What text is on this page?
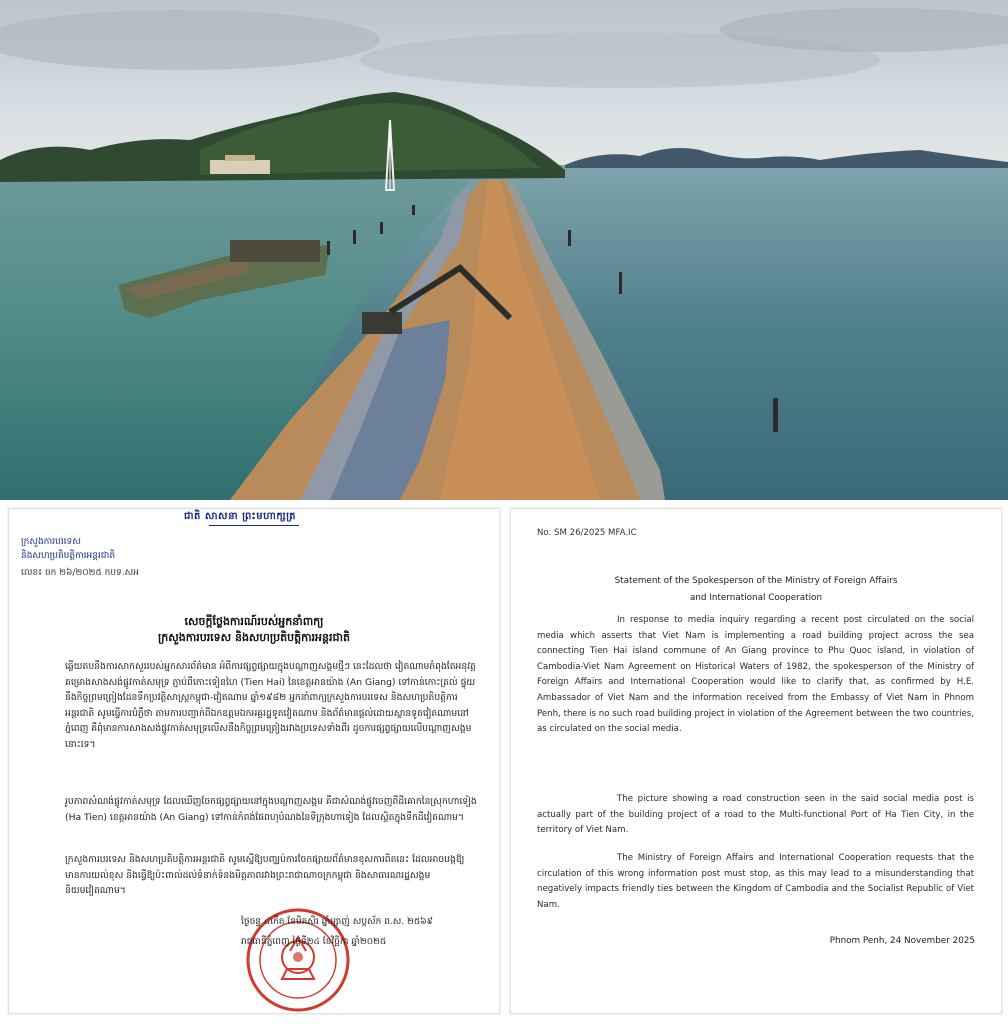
ជាតិ សាសនា ព្រះមហាក្សត្រ
ក្រសួងការបរទេស
និងសហប្រតិបត្តិការអន្តរជាតិ
លេខ៖ ចក ២៦/២០២៥ កបទ.សអ
សេចក្តីថ្លែងការណ៍របស់អ្នកនាំពាក្យ
ក្រសួងការបរទេស និងសហប្រតិបត្តិការអន្តរជាតិ
ឆ្លើយតបនឹងការសាកសួររបស់អ្នកសារព័ត៌មាន អំពីការផ្សព្វផ្សាយក្នុងបណ្តាញសង្គមថ្មីៗ នេះដែលថា វៀតណាមកំពុងតែអនុវត្តគម្រោងសាងសង់ផ្លូវកាត់សមុទ្រ ភ្ជាប់ពីកោះទៀនហៃ (Tien Hai) នៃខេត្តអានយ៉ាង (An Giang) ទៅកាន់កោះត្រល់ ផ្ទុយនឹងកិច្ចព្រមព្រៀងដែនទឹកប្រវត្តិសាស្ត្រកម្ពុជា-វៀតណាម ឆ្នាំ១៩៨២ អ្នកនាំពាក្យក្រសួងការបរទេស និងសហប្រតិបត្តិការអន្តរជាតិ សូមធ្វើការបំភ្លឺថា តាមការបញ្ជាក់ពីឯកឧត្តមឯកអគ្គរដ្ឋទូតវៀតណាម និងព័ត៌មានផ្តល់ដោយស្ថានទូតវៀតណាមនៅភ្នំពេញ គឺពុំមានការសាងសង់ផ្លូវកាត់សមុទ្រលើសនឹងកិច្ចព្រមព្រៀងរវាងប្រទេសទាំងពីរ ដូចការផ្សព្វផ្សាយលើបណ្តាញសង្គមនោះទេ។
រូបភាពសំណង់ផ្លូវកាត់សមុទ្រ ដែលឃើញចែកផ្សព្វផ្សាយនៅក្នុងបណ្តាញសង្គម គឺជាសំណង់ផ្លូវចេញពីដីគោកនៃស្រុកហាទៀង (Ha Tien) ខេត្តអានយ៉ាង (An Giang) ទៅកាន់កំពង់ផែពហុបំណងនៃទីក្រុងហាទៀង ដែលស្ថិតក្នុងទឹកដីវៀតណាម។
ក្រសួងការបរទេស និងសហប្រតិបត្តិការអន្តរជាតិ សូមស្នើឱ្យបញ្ឈប់ការចែកផ្សាយព័ត៌មានខុសការពិតនេះ ដែលអាចបង្កឱ្យមានការយល់ខុស និងធ្វើឱ្យប៉ះពាល់ដល់ទំនាក់ទំនងមិត្តភាពរវាងព្រះរាជាណាចក្រកម្ពុជា និងសាធារណរដ្ឋសង្គមនិយមវៀតណាម។
ថ្ងៃចន្ទ ៤កើត ខែមិគសិរ ឆ្នាំម្សាញ់ សប្តស័ក ព.ស. ២៥៦៩
រាជធានីភ្នំពេញ ថ្ងៃទី២៤ ខែវិច្ឆិកា ឆ្នាំ២០២៥
No. SM 26/2025 MFA.IC
Statement of the Spokesperson of the Ministry of Foreign Affairs
and International Cooperation
In response to media inquiry regarding a recent post circulated on the social media which asserts that Viet Nam is implementing a road building project across the sea connecting Tien Hai island commune of An Giang province to Phu Quoc island, in violation of Cambodia-Viet Nam Agreement on Historical Waters of 1982, the spokesperson of the Ministry of Foreign Affairs and International Cooperation would like to clarify that, as confirmed by H.E. Ambassador of Viet Nam and the information received from the Embassy of Viet Nam in Phnom Penh, there is no such road building project in violation of the Agreement between the two countries, as circulated on the social media.
The picture showing a road construction seen in the said social media post is actually part of the building project of a road to the Multi-functional Port of Ha Tien City, in the territory of Viet Nam.
The Ministry of Foreign Affairs and International Cooperation requests that the circulation of this wrong information post must stop, as this may lead to a misunderstanding that negatively impacts friendly ties between the Kingdom of Cambodia and the Socialist Republic of Viet Nam.
Phnom Penh, 24 November 2025
